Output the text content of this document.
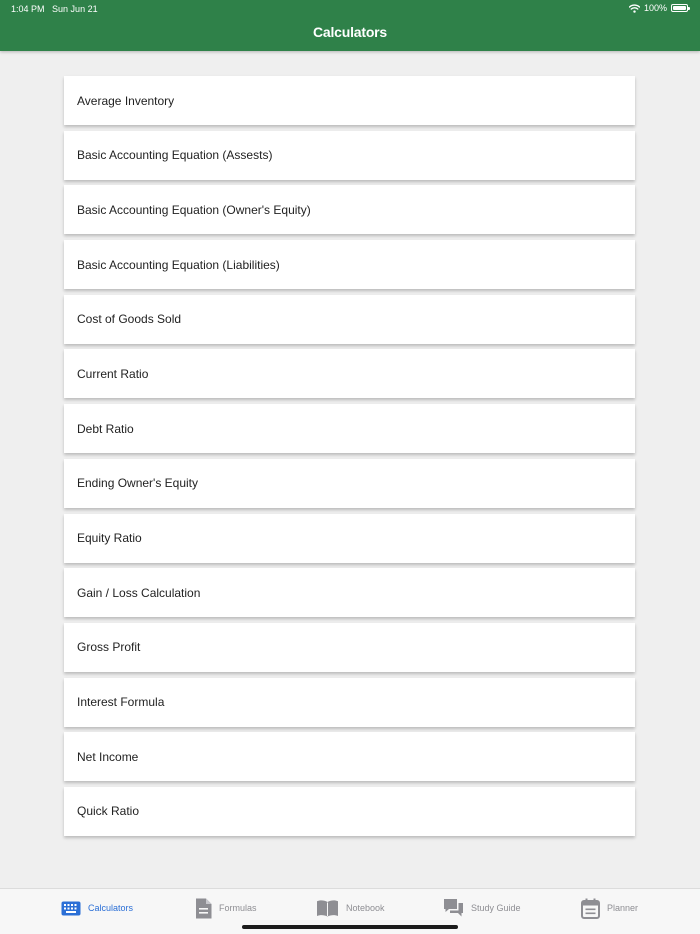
1:04 PM Sun Jun 21	100%
Calculators
Average Inventory
Basic Accounting Equation (Assests)
Basic Accounting Equation (Owner's Equity)
Basic Accounting Equation (Liabilities)
Cost of Goods Sold
Current Ratio
Debt Ratio
Ending Owner's Equity
Equity Ratio
Gain / Loss Calculation
Gross Profit
Interest Formula
Net Income
Quick Ratio
Calculators	Formulas	Notebook	Study Guide	Planner
